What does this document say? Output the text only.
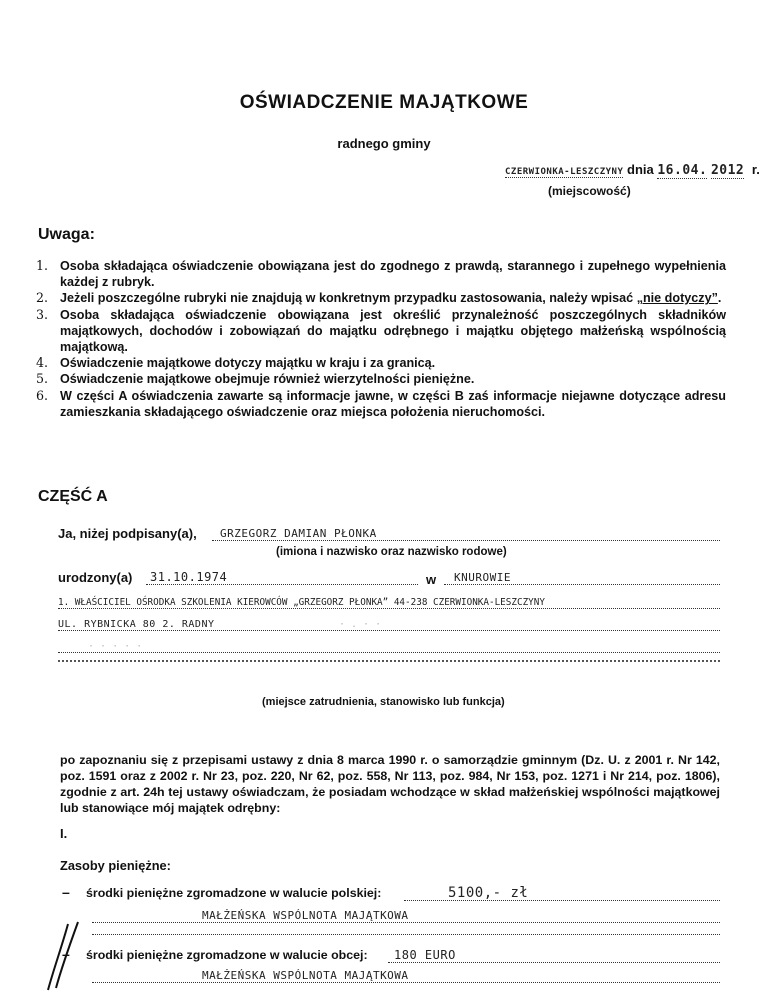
OŚWIADCZENIE MAJĄTKOWE
radnego gminy
CZERWIONKA-LESZCZYNY dnia 16.04. 2012 r.
(miejscowość)
Uwaga:
1. Osoba składająca oświadczenie obowiązana jest do zgodnego z prawdą, starannego i zupełnego wypełnienia każdej z rubryk.
2. Jeżeli poszczególne rubryki nie znajdują w konkretnym przypadku zastosowania, należy wpisać „nie dotyczy”.
3. Osoba składająca oświadczenie obowiązana jest określić przynależność poszczególnych składników majątkowych, dochodów i zobowiązań do majątku odrębnego i majątku objętego małżeńską wspólnością majątkową.
4. Oświadczenie majątkowe dotyczy majątku w kraju i za granicą.
5. Oświadczenie majątkowe obejmuje również wierzytelności pieniężne.
6. W części A oświadczenia zawarte są informacje jawne, w części B zaś informacje niejawne dotyczące adresu zamieszkania składającego oświadczenie oraz miejsca położenia nieruchomości.
CZĘŚĆ A
Ja, niżej podpisany(a),	GRZEGORZ DAMIAN PŁONKA
(imiona i nazwisko oraz nazwisko rodowe)
urodzony(a)	31.10.1974	w	KNUROWIE
1. WŁAŚCICIEL OŚRODKA SZKOLENIA KIEROWCÓW „GRZEGORZ PŁONKA” 44-238 CZERWIONKA-LESZCZYNY
UL. RYBNICKA 80 2. RADNY	· . · ·
· · · · ·
(miejsce zatrudnienia, stanowisko lub funkcja)
po zapoznaniu się z przepisami ustawy z dnia 8 marca 1990 r. o samorządzie gminnym (Dz. U. z 2001 r. Nr 142, poz. 1591 oraz z 2002 r. Nr 23, poz. 220, Nr 62, poz. 558, Nr 113, poz. 984, Nr 153, poz. 1271 i Nr 214, poz. 1806), zgodnie z art. 24h tej ustawy oświadczam, że posiadam wchodzące w skład małżeńskiej wspólności majątkowej lub stanowiące mój majątek odrębny:
I.
Zasoby pieniężne:
– środki pieniężne zgromadzone w walucie polskiej:	5100,- zł
MAŁŻEŃSKA WSPÓLNOTA MAJĄTKOWA
– środki pieniężne zgromadzone w walucie obcej:	180 EURO
MAŁŻEŃSKA WSPÓLNOTA MAJĄTKOWA
